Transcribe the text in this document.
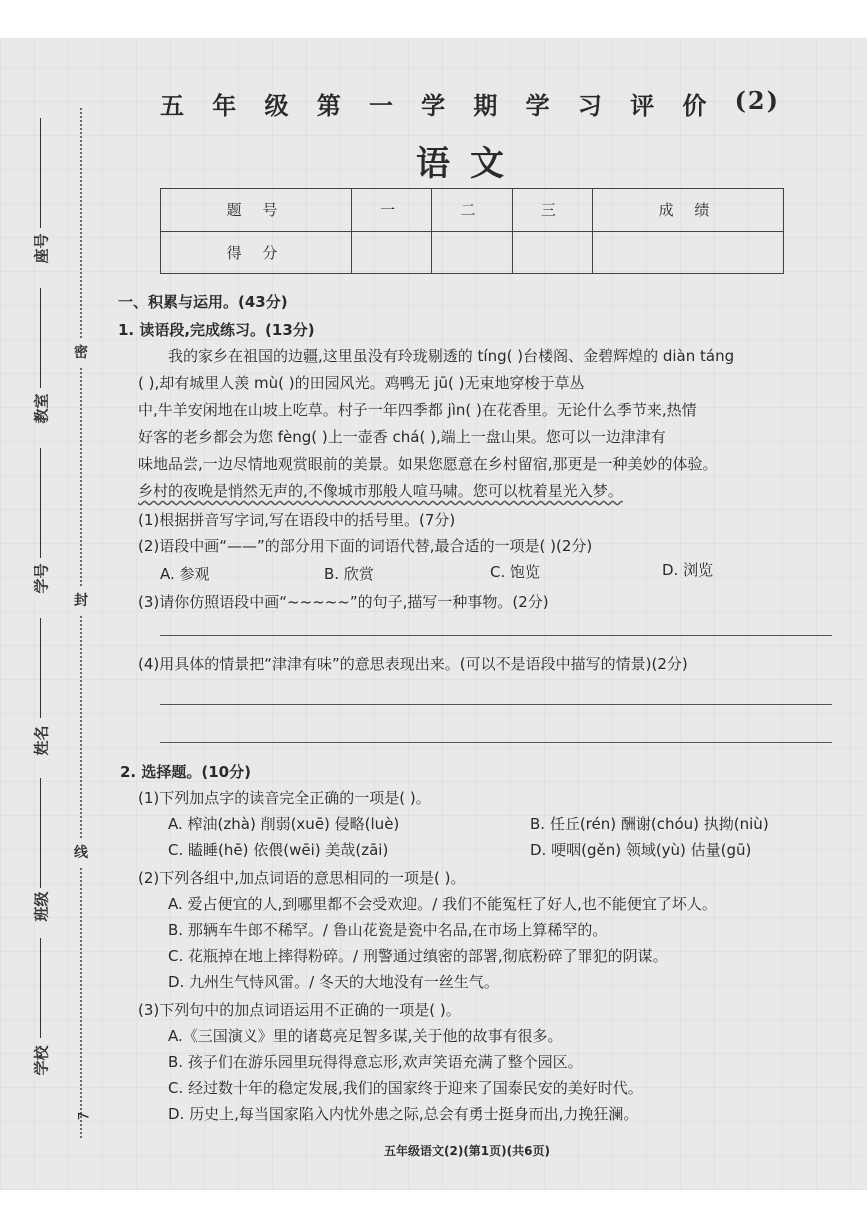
密
封
线
座号
教室
学号
姓名
班级
学校
7
五 年 级 第 一 学 期 学 习 评 价 (2)
语文
题 号	一	二	三	成 绩
得 分				
一、积累与运用。(43分)
1. 读语段,完成练习。(13分)
我的家乡在祖国的边疆,这里虽没有玲珑剔透的 tíng( )台楼阁、金碧辉煌的 diàn táng
( ),却有城里人羡 mù( )的田园风光。鸡鸭无 jū( )无束地穿梭于草丛
中,牛羊安闲地在山坡上吃草。村子一年四季都 jìn( )在花香里。无论什么季节来,热情
好客的老乡都会为您 fèng( )上一壶香 chá( ),端上一盘山果。您可以一边津津有
味地品尝,一边尽情地观赏眼前的美景。如果您愿意在乡村留宿,那更是一种美妙的体验。
乡村的夜晚是悄然无声的,不像城市那般人喧马啸。您可以枕着星光入梦。
(1)根据拼音写字词,写在语段中的括号里。(7分)
(2)语段中画“——”的部分用下面的词语代替,最合适的一项是( )(2分)
A. 参观	B. 欣赏	C. 饱览	D. 浏览
(3)请你仿照语段中画“~~~~~”的句子,描写一种事物。(2分)
(4)用具体的情景把“津津有味”的意思表现出来。(可以不是语段中描写的情景)(2分)
2. 选择题。(10分)
(1)下列加点字的读音完全正确的一项是( )。
A. 榨油(zhà) 削弱(xuē) 侵略(luè)	B. 任丘(rén) 酬谢(chóu) 执拗(niù)
C. 瞌睡(hē) 依偎(wēi) 美哉(zāi)	D. 哽咽(gěn) 领域(yù) 估量(gū)
(2)下列各组中,加点词语的意思相同的一项是( )。
A. 爱占便宜的人,到哪里都不会受欢迎。/ 我们不能冤枉了好人,也不能便宜了坏人。
B. 那辆车牛郎不稀罕。/ 鲁山花瓷是瓷中名品,在市场上算稀罕的。
C. 花瓶掉在地上摔得粉碎。/ 刑警通过缜密的部署,彻底粉碎了罪犯的阴谋。
D. 九州生气恃风雷。/ 冬天的大地没有一丝生气。
(3)下列句中的加点词语运用不正确的一项是( )。
A.《三国演义》里的诸葛亮足智多谋,关于他的故事有很多。
B. 孩子们在游乐园里玩得得意忘形,欢声笑语充满了整个园区。
C. 经过数十年的稳定发展,我们的国家终于迎来了国泰民安的美好时代。
D. 历史上,每当国家陷入内忧外患之际,总会有勇士挺身而出,力挽狂澜。
五年级语文(2)(第1页)(共6页)
